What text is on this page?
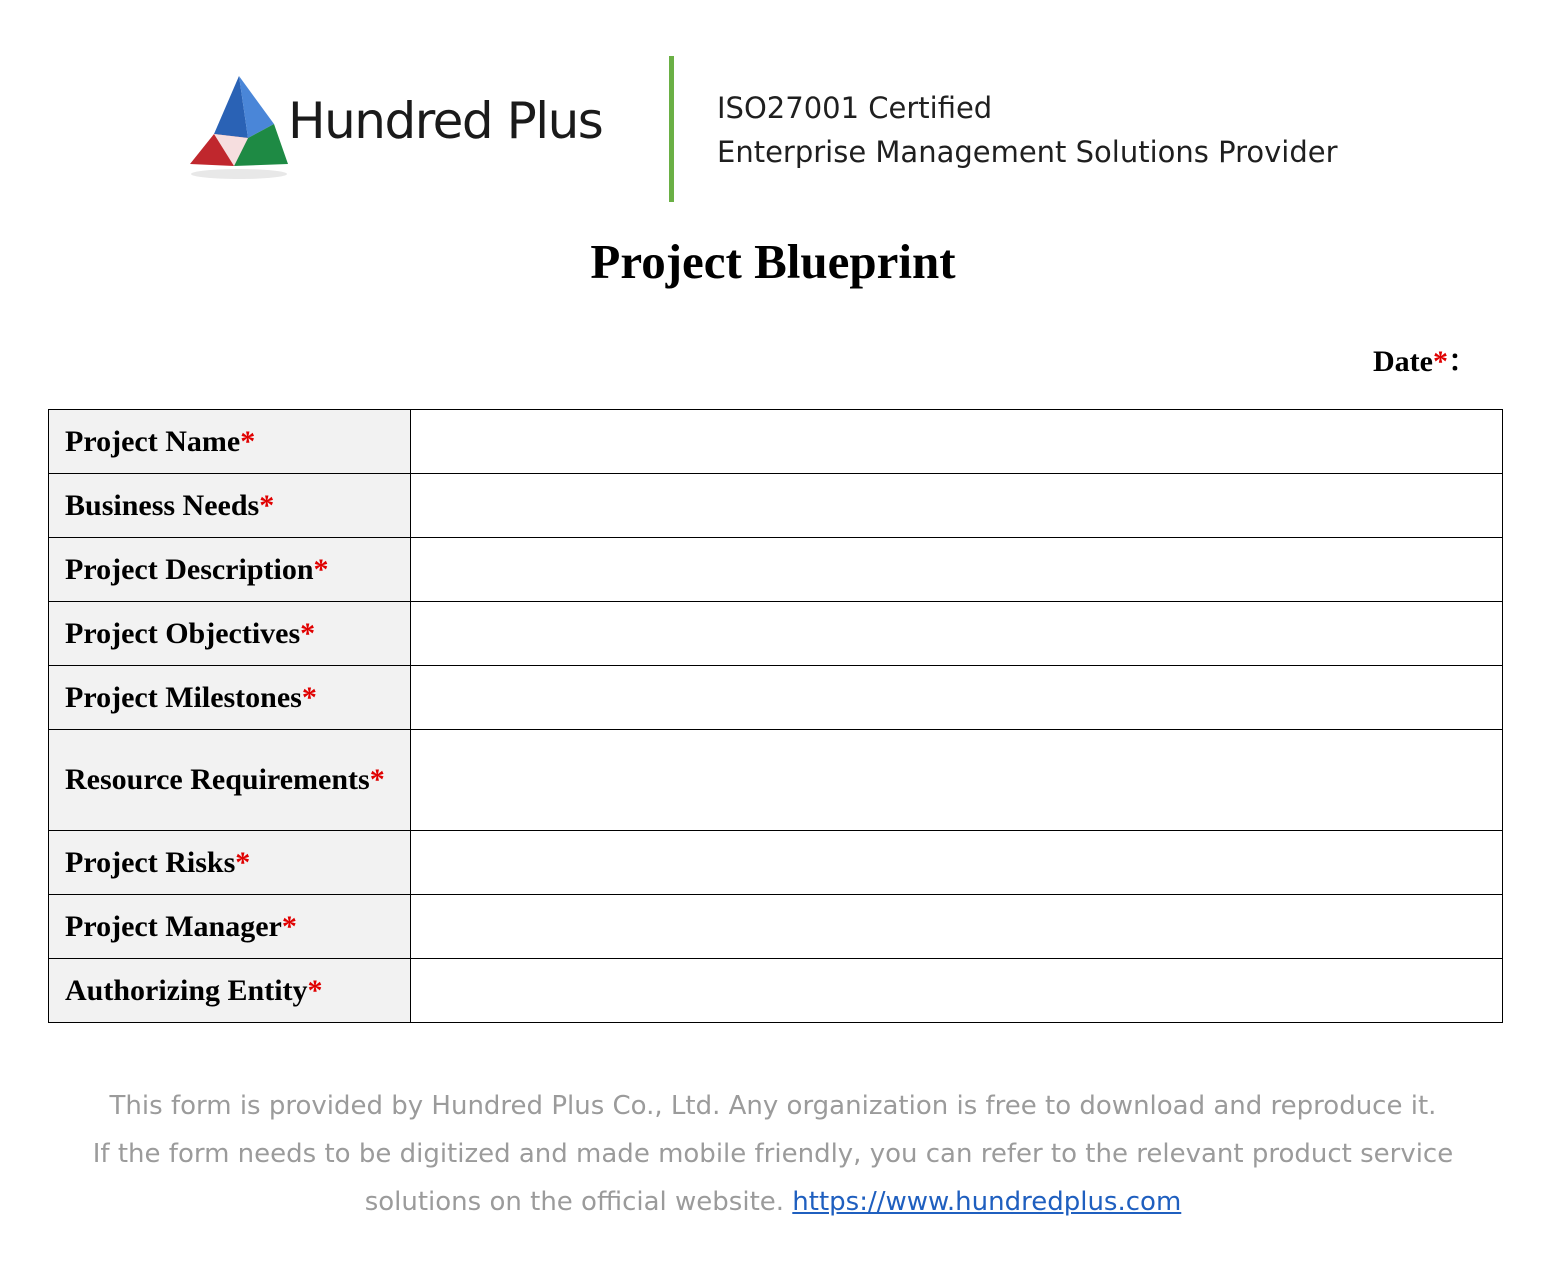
Hundred Plus	ISO27001 Certified
Enterprise Management Solutions Provider
Project Blueprint
Date*：
Project Name*	
Business Needs*	
Project Description*	
Project Objectives*	
Project Milestones*	
Resource Requirements*	
Project Risks*	
Project Manager*	
Authorizing Entity*	
This form is provided by Hundred Plus Co., Ltd. Any organization is free to download and reproduce it.
If the form needs to be digitized and made mobile friendly, you can refer to the relevant product service
solutions on the official website. https://www.hundredplus.com
